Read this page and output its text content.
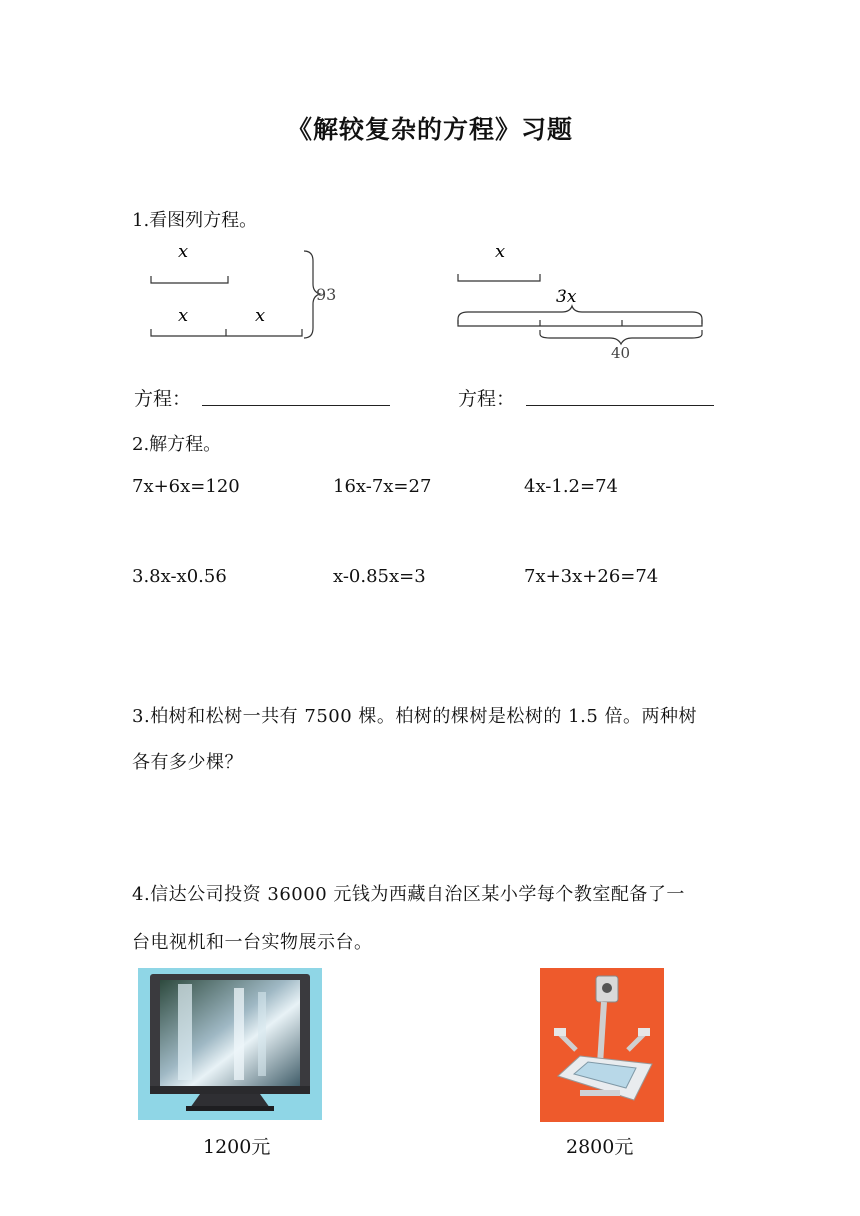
《解较复杂的方程》习题
1.看图列方程。
x
x	x
93
x
3x
40
方程：	方程：
2.解方程。
7x+6x=120	16x-7x=27	4x-1.2=74
3.8x-x0.56	x-0.85x=3	7x+3x+26=74
3.柏树和松树一共有 7500 棵。柏树的棵树是松树的 1.5 倍。两种树
各有多少棵？
4.信达公司投资 36000 元钱为西藏自治区某小学每个教室配备了一
台电视机和一台实物展示台。
1200元	2800元
